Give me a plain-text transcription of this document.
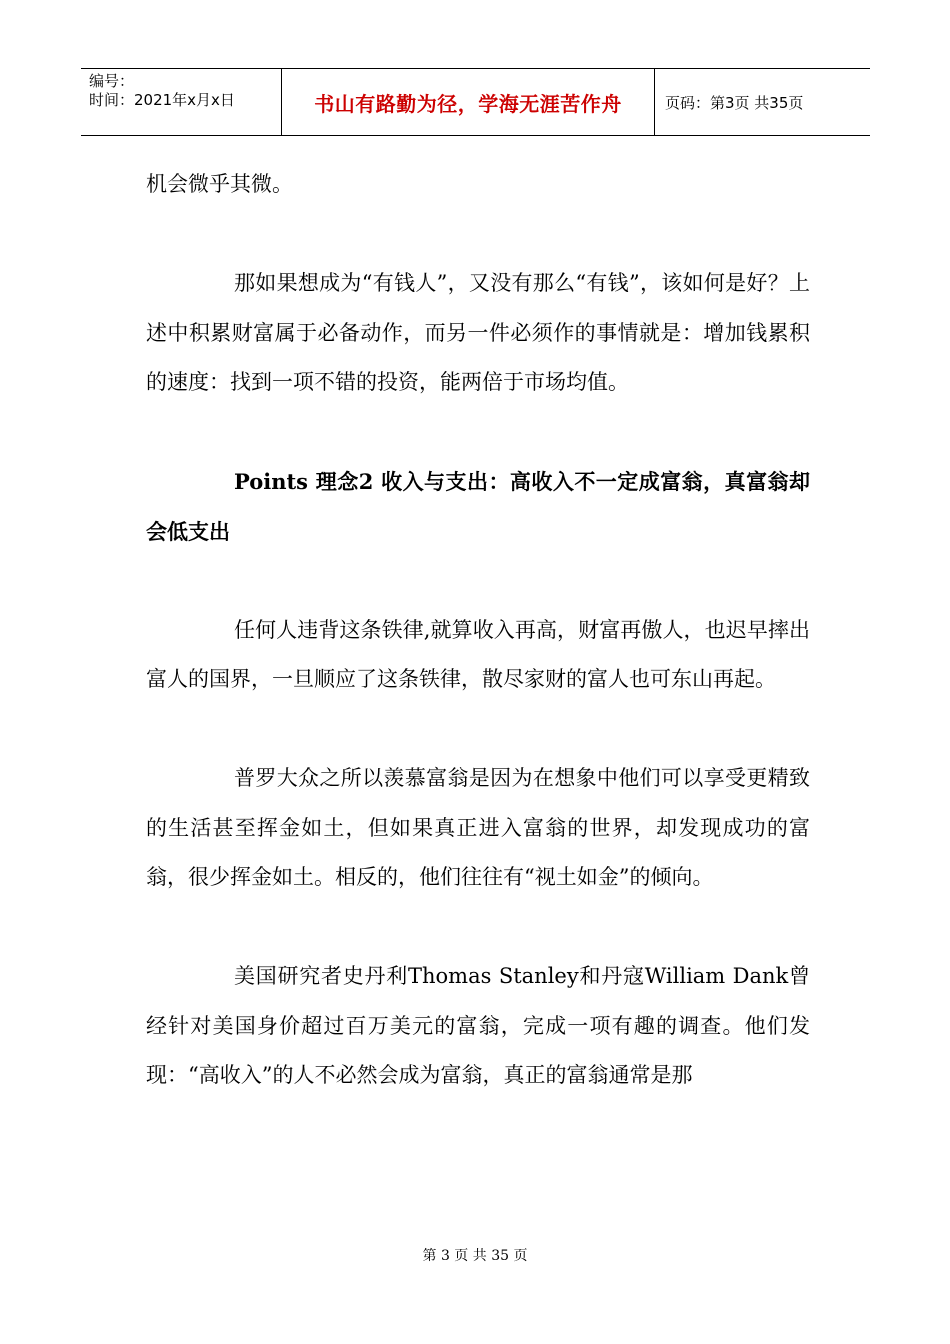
编号：
时间：2021年x月x日	书山有路勤为径，学海无涯苦作舟	页码：第3页 共35页

机会微乎其微。

那如果想成为“有钱人”，又没有那么“有钱”，该如何是好？上述中积累财富属于必备动作，而另一件必须作的事情就是：增加钱累积的速度：找到一项不错的投资，能两倍于市场均值。

Points 理念2 收入与支出：高收入不一定成富翁，真富翁却会低支出

任何人违背这条铁律,就算收入再高，财富再傲人，也迟早摔出富人的国界，一旦顺应了这条铁律，散尽家财的富人也可东山再起。

普罗大众之所以羡慕富翁是因为在想象中他们可以享受更精致的生活甚至挥金如土，但如果真正进入富翁的世界，却发现成功的富翁，很少挥金如土。相反的，他们往往有“视土如金”的倾向。

美国研究者史丹利Thomas Stanley和丹寇William Dank曾经针对美国身价超过百万美元的富翁，完成一项有趣的调查。他们发现：“高收入”的人不必然会成为富翁，真正的富翁通常是那

第 3 页 共 35 页
